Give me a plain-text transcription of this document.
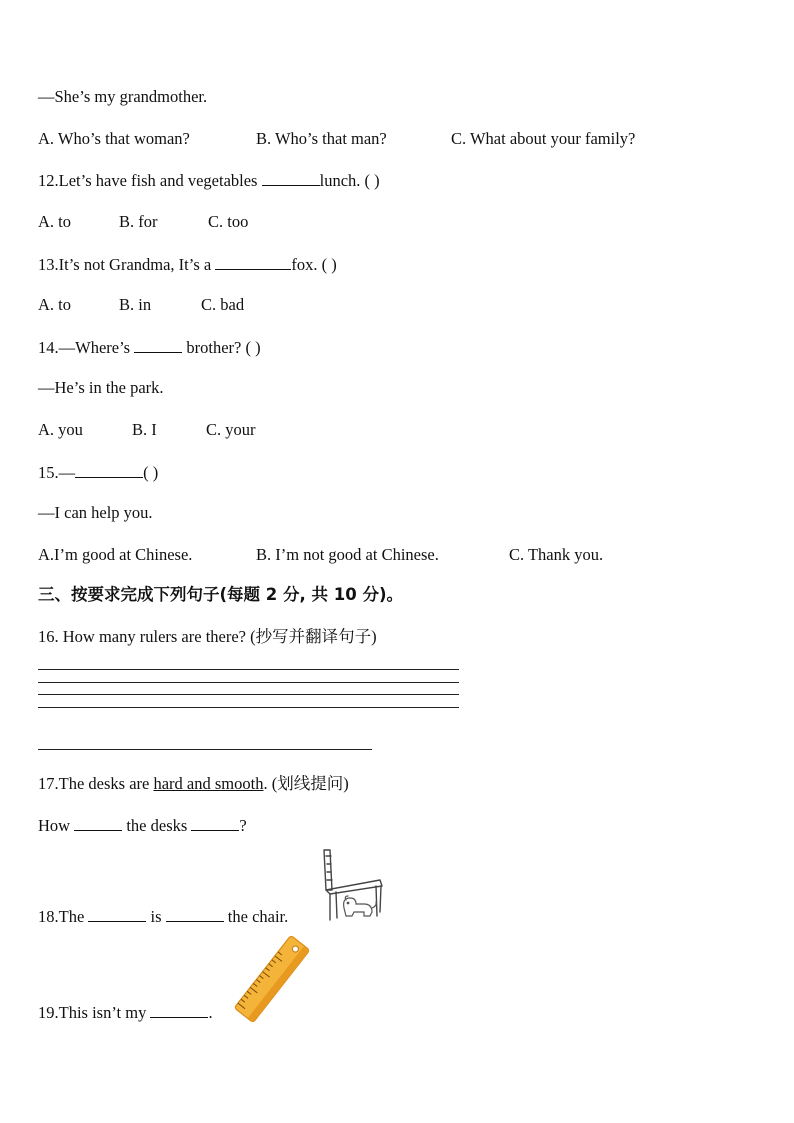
—She’s my grandmother.
A. Who’s that woman?	B. Who’s that man?	C. What about your family?
12.Let’s have fish and vegetables	lunch. ( )
A. to	B. for	C. too
13.It’s not Grandma, It’s a	fox. ( )
A. to	B. in	C. bad
14.—Where’s	brother? ( )
—He’s in the park.
A. you	B. I	C. your
15.—	( )
—I can help you.
A.I’m good at Chinese.	B. I’m not good at Chinese.	C. Thank you.
三、按要求完成下列句子(每题 2 分, 共 10 分)。
16. How many rulers are there? (抄写并翻译句子)
17.The desks are hard and smooth. (划线提问)
How	the desks	?
18.The	is	the chair.
19.This isn’t my	.
